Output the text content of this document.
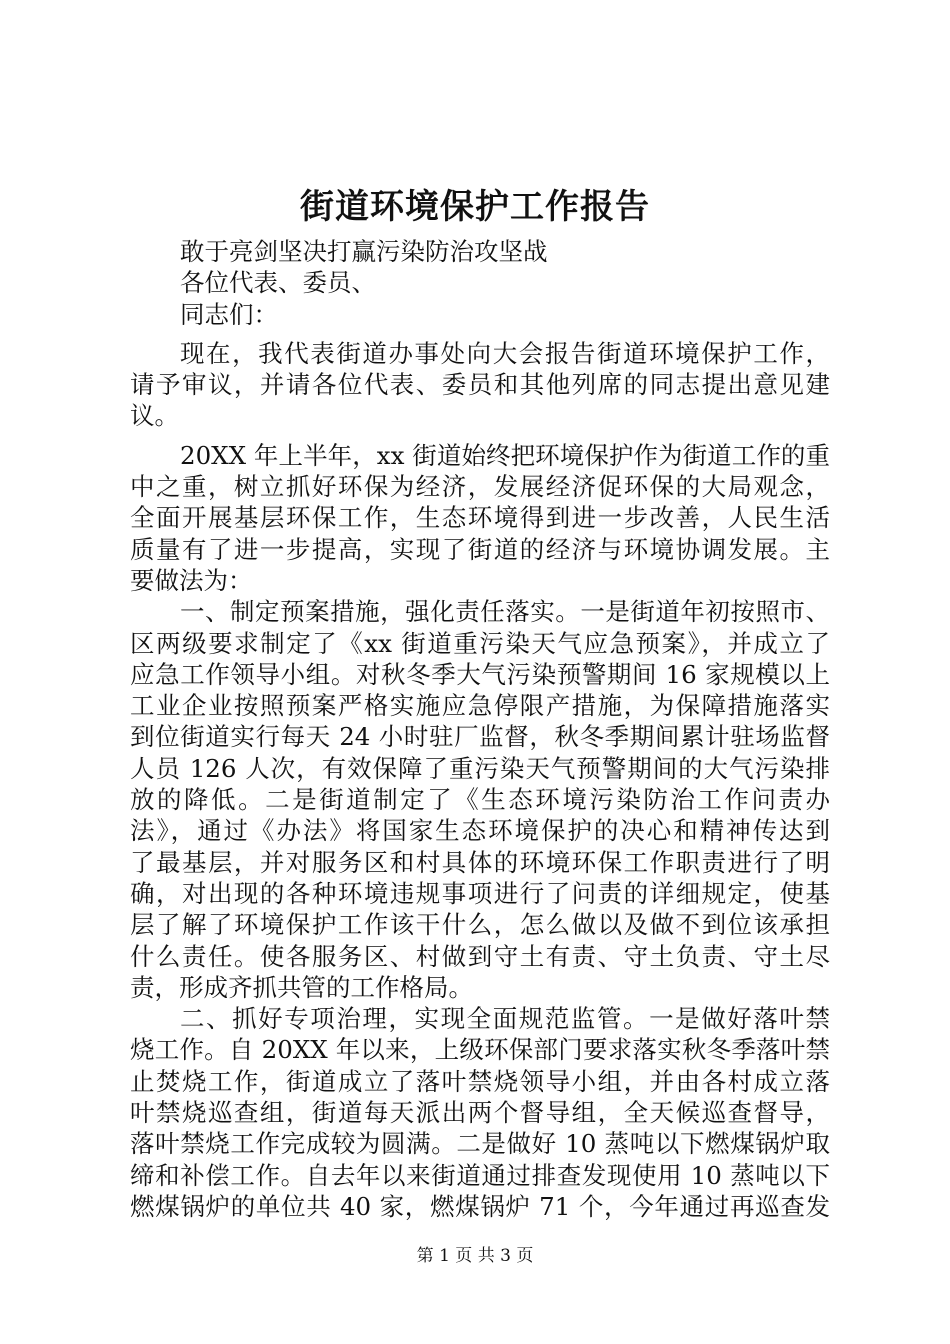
街道环境保护工作报告
敢于亮剑坚决打赢污染防治攻坚战
各位代表、委员、
同志们：
现在，我代表街道办事处向大会报告街道环境保护工作，
请予审议，并请各位代表、委员和其他列席的同志提出意见建
议。
20XX 年上半年，xx 街道始终把环境保护作为街道工作的重
中之重，树立抓好环保为经济，发展经济促环保的大局观念，
全面开展基层环保工作，生态环境得到进一步改善，人民生活
质量有了进一步提高，实现了街道的经济与环境协调发展。主
要做法为：
一、制定预案措施，强化责任落实。一是街道年初按照市、
区两级要求制定了《xx 街道重污染天气应急预案》，并成立了
应急工作领导小组。对秋冬季大气污染预警期间 16 家规模以上
工业企业按照预案严格实施应急停限产措施，为保障措施落实
到位街道实行每天 24 小时驻厂监督，秋冬季期间累计驻场监督
人员 126 人次，有效保障了重污染天气预警期间的大气污染排
放的降低。二是街道制定了《生态环境污染防治工作问责办
法》，通过《办法》将国家生态环境保护的决心和精神传达到
了最基层，并对服务区和村具体的环境环保工作职责进行了明
确，对出现的各种环境违规事项进行了问责的详细规定，使基
层了解了环境保护工作该干什么，怎么做以及做不到位该承担
什么责任。使各服务区、村做到守土有责、守土负责、守土尽
责，形成齐抓共管的工作格局。
二、抓好专项治理，实现全面规范监管。一是做好落叶禁
烧工作。自 20XX 年以来，上级环保部门要求落实秋冬季落叶禁
止焚烧工作，街道成立了落叶禁烧领导小组，并由各村成立落
叶禁烧巡查组，街道每天派出两个督导组，全天候巡查督导，
落叶禁烧工作完成较为圆满。二是做好 10 蒸吨以下燃煤锅炉取
缔和补偿工作。自去年以来街道通过排查发现使用 10 蒸吨以下
燃煤锅炉的单位共 40 家，燃煤锅炉 71 个，今年通过再巡查发
第 1 页 共 3 页
